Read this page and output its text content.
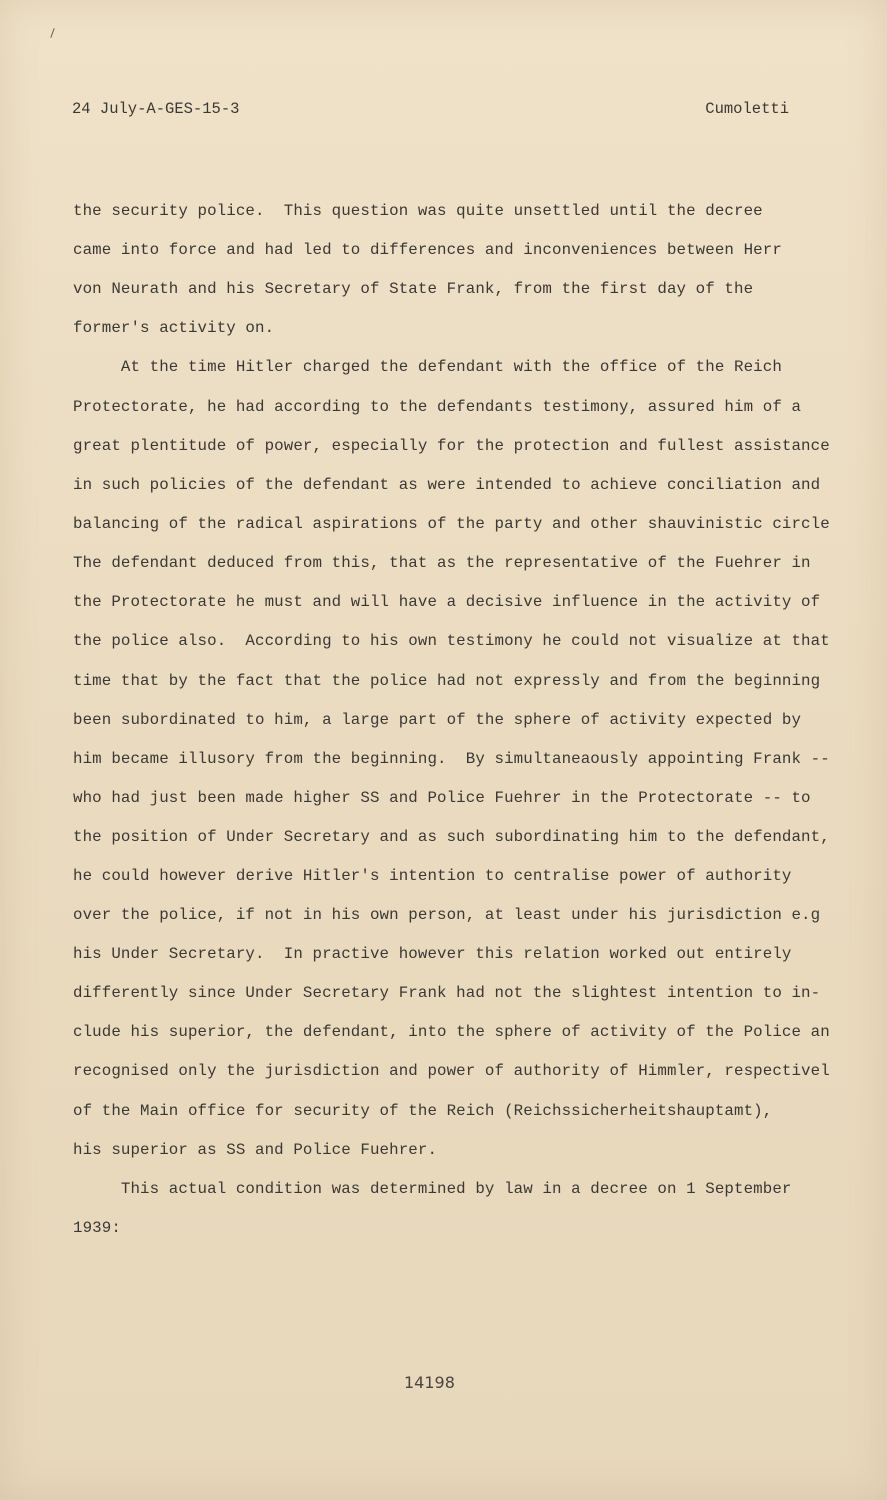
24 July-A-GES-15-3	Cumoletti
the security police.  This question was quite unsettled until the decree
came into force and had led to differences and inconveniences between Herr
von Neurath and his Secretary of State Frank, from the first day of the
former's activity on.
At the time Hitler charged the defendant with the office of the Reich
Protectorate, he had according to the defendants testimony, assured him of a
great plentitude of power, especially for the protection and fullest assistance
in such policies of the defendant as were intended to achieve conciliation and
balancing of the radical aspirations of the party and other shauvinistic circle
The defendant deduced from this, that as the representative of the Fuehrer in
the Protectorate he must and will have a decisive influence in the activity of
the police also.  According to his own testimony he could not visualize at that
time that by the fact that the police had not expressly and from the beginning
been subordinated to him, a large part of the sphere of activity expected by
him became illusory from the beginning.  By simultaneaously appointing Frank --
who had just been made higher SS and Police Fuehrer in the Protectorate -- to
the position of Under Secretary and as such subordinating him to the defendant,
he could however derive Hitler's intention to centralise power of authority
over the police, if not in his own person, at least under his jurisdiction e.g
his Under Secretary.  In practive however this relation worked out entirely
differently since Under Secretary Frank had not the slightest intention to in-
clude his superior, the defendant, into the sphere of activity of the Police an
recognised only the jurisdiction and power of authority of Himmler, respectivel
of the Main office for security of the Reich (Reichssicherheitshauptamt),
his superior as SS and Police Fuehrer.
This actual condition was determined by law in a decree on 1 September
1939:
14198
